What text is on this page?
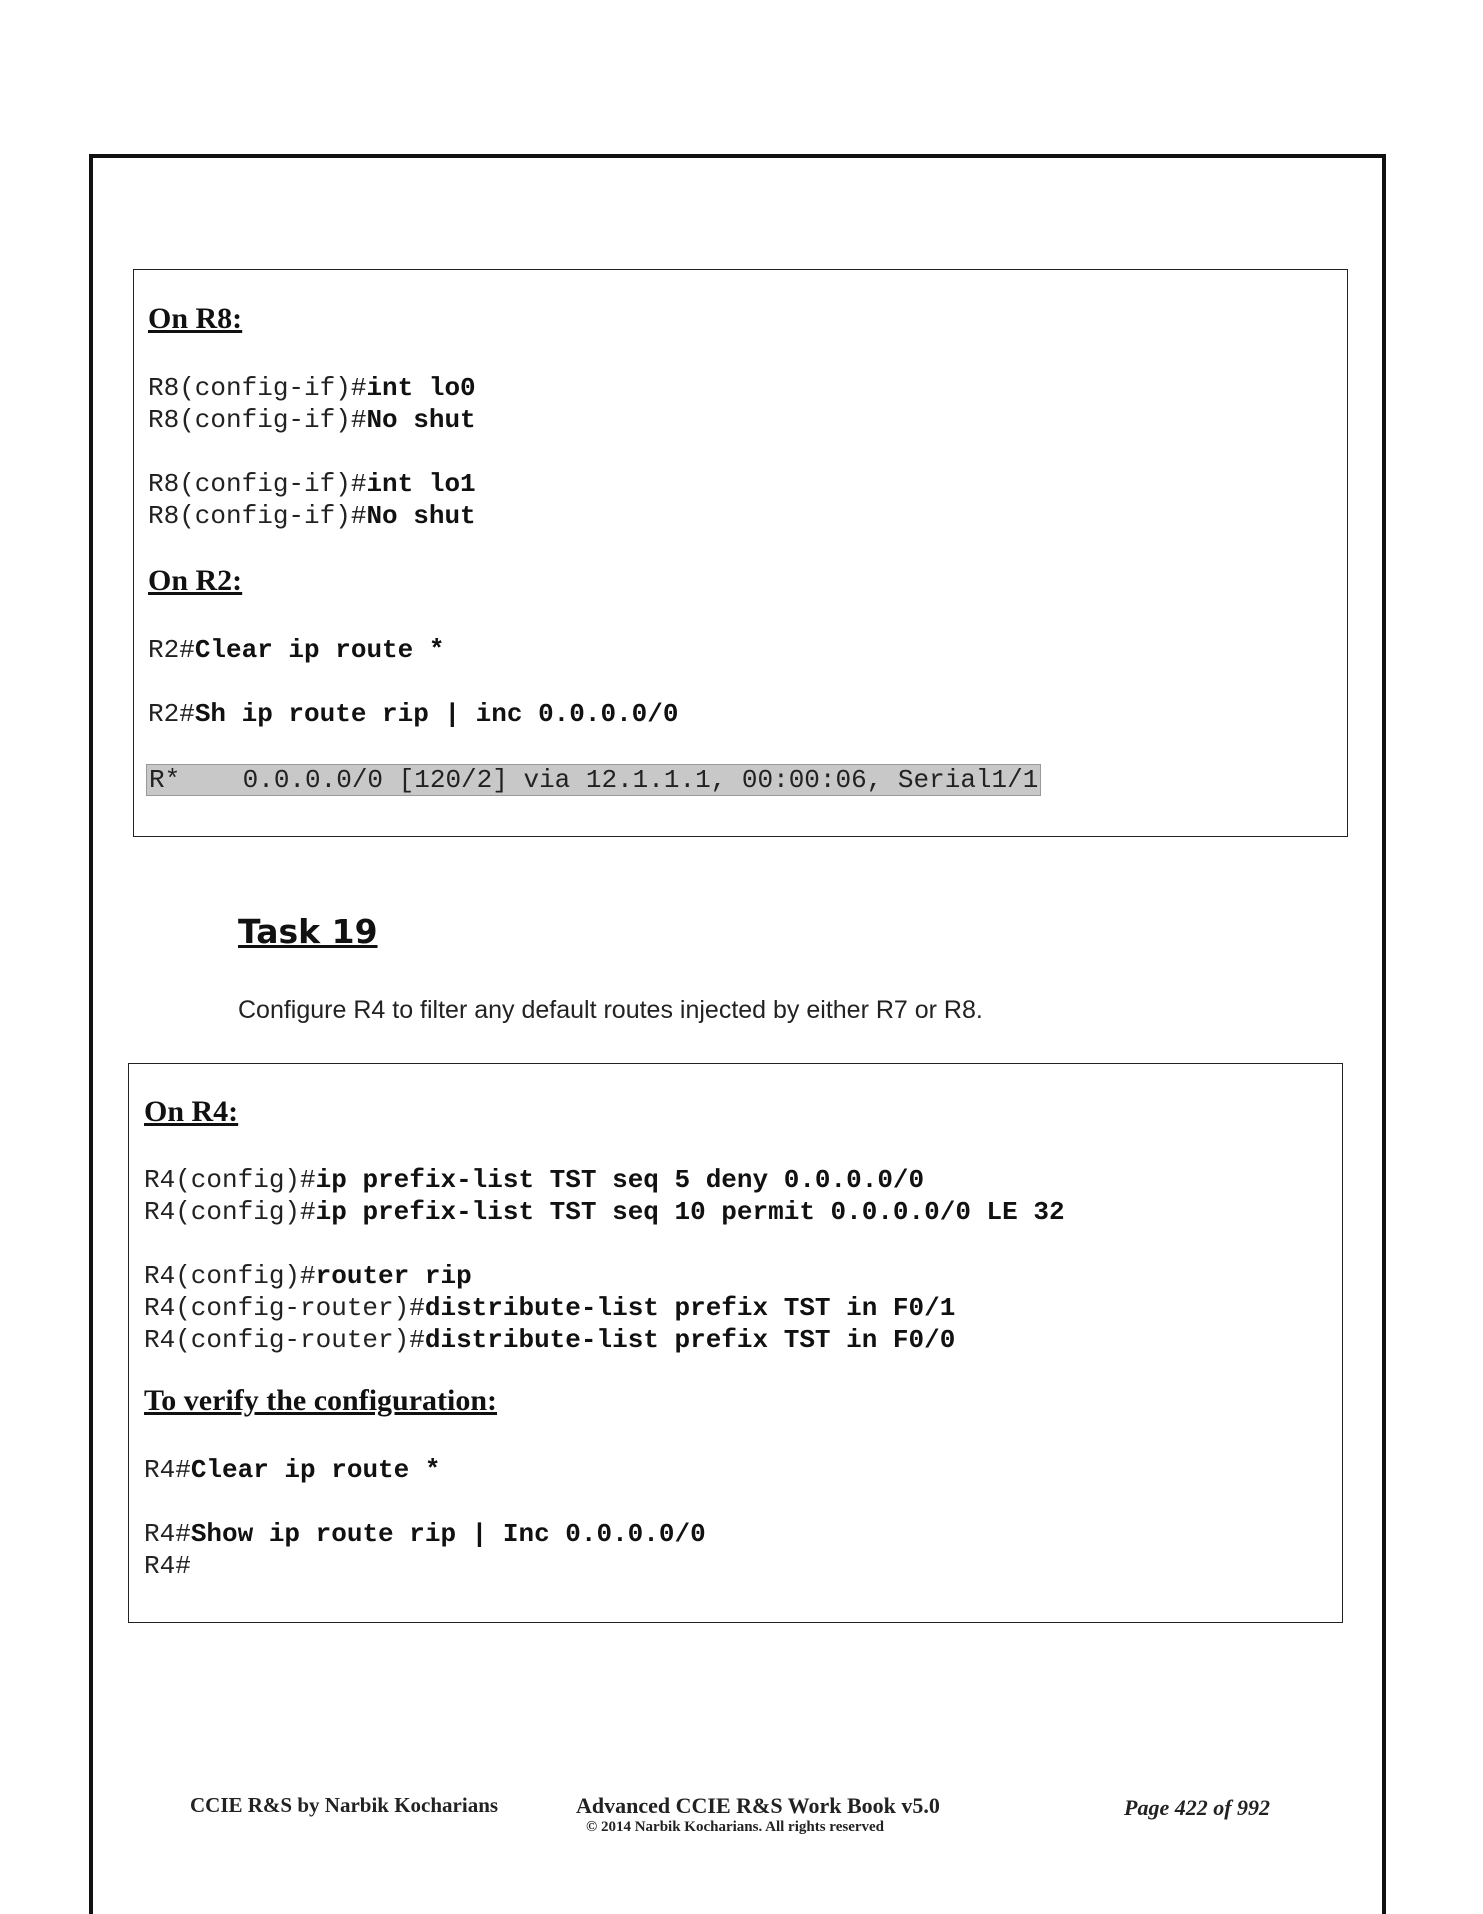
On R8:
R8(config-if)#int lo0
R8(config-if)#No shut
R8(config-if)#int lo1
R8(config-if)#No shut
On R2:
R2#Clear ip route *
R2#Sh ip route rip | inc 0.0.0.0/0
R*    0.0.0.0/0 [120/2] via 12.1.1.1, 00:00:06, Serial1/1
Task 19
Configure R4 to filter any default routes injected by either R7 or R8.
On R4:
R4(config)#ip prefix-list TST seq 5 deny 0.0.0.0/0
R4(config)#ip prefix-list TST seq 10 permit 0.0.0.0/0 LE 32
R4(config)#router rip
R4(config-router)#distribute-list prefix TST in F0/1
R4(config-router)#distribute-list prefix TST in F0/0
To verify the configuration:
R4#Clear ip route *
R4#Show ip route rip | Inc 0.0.0.0/0
R4#
CCIE R&S by Narbik Kocharians	Advanced CCIE R&S Work Book v5.0
© 2014 Narbik Kocharians. All rights reserved
Page 422 of 992
